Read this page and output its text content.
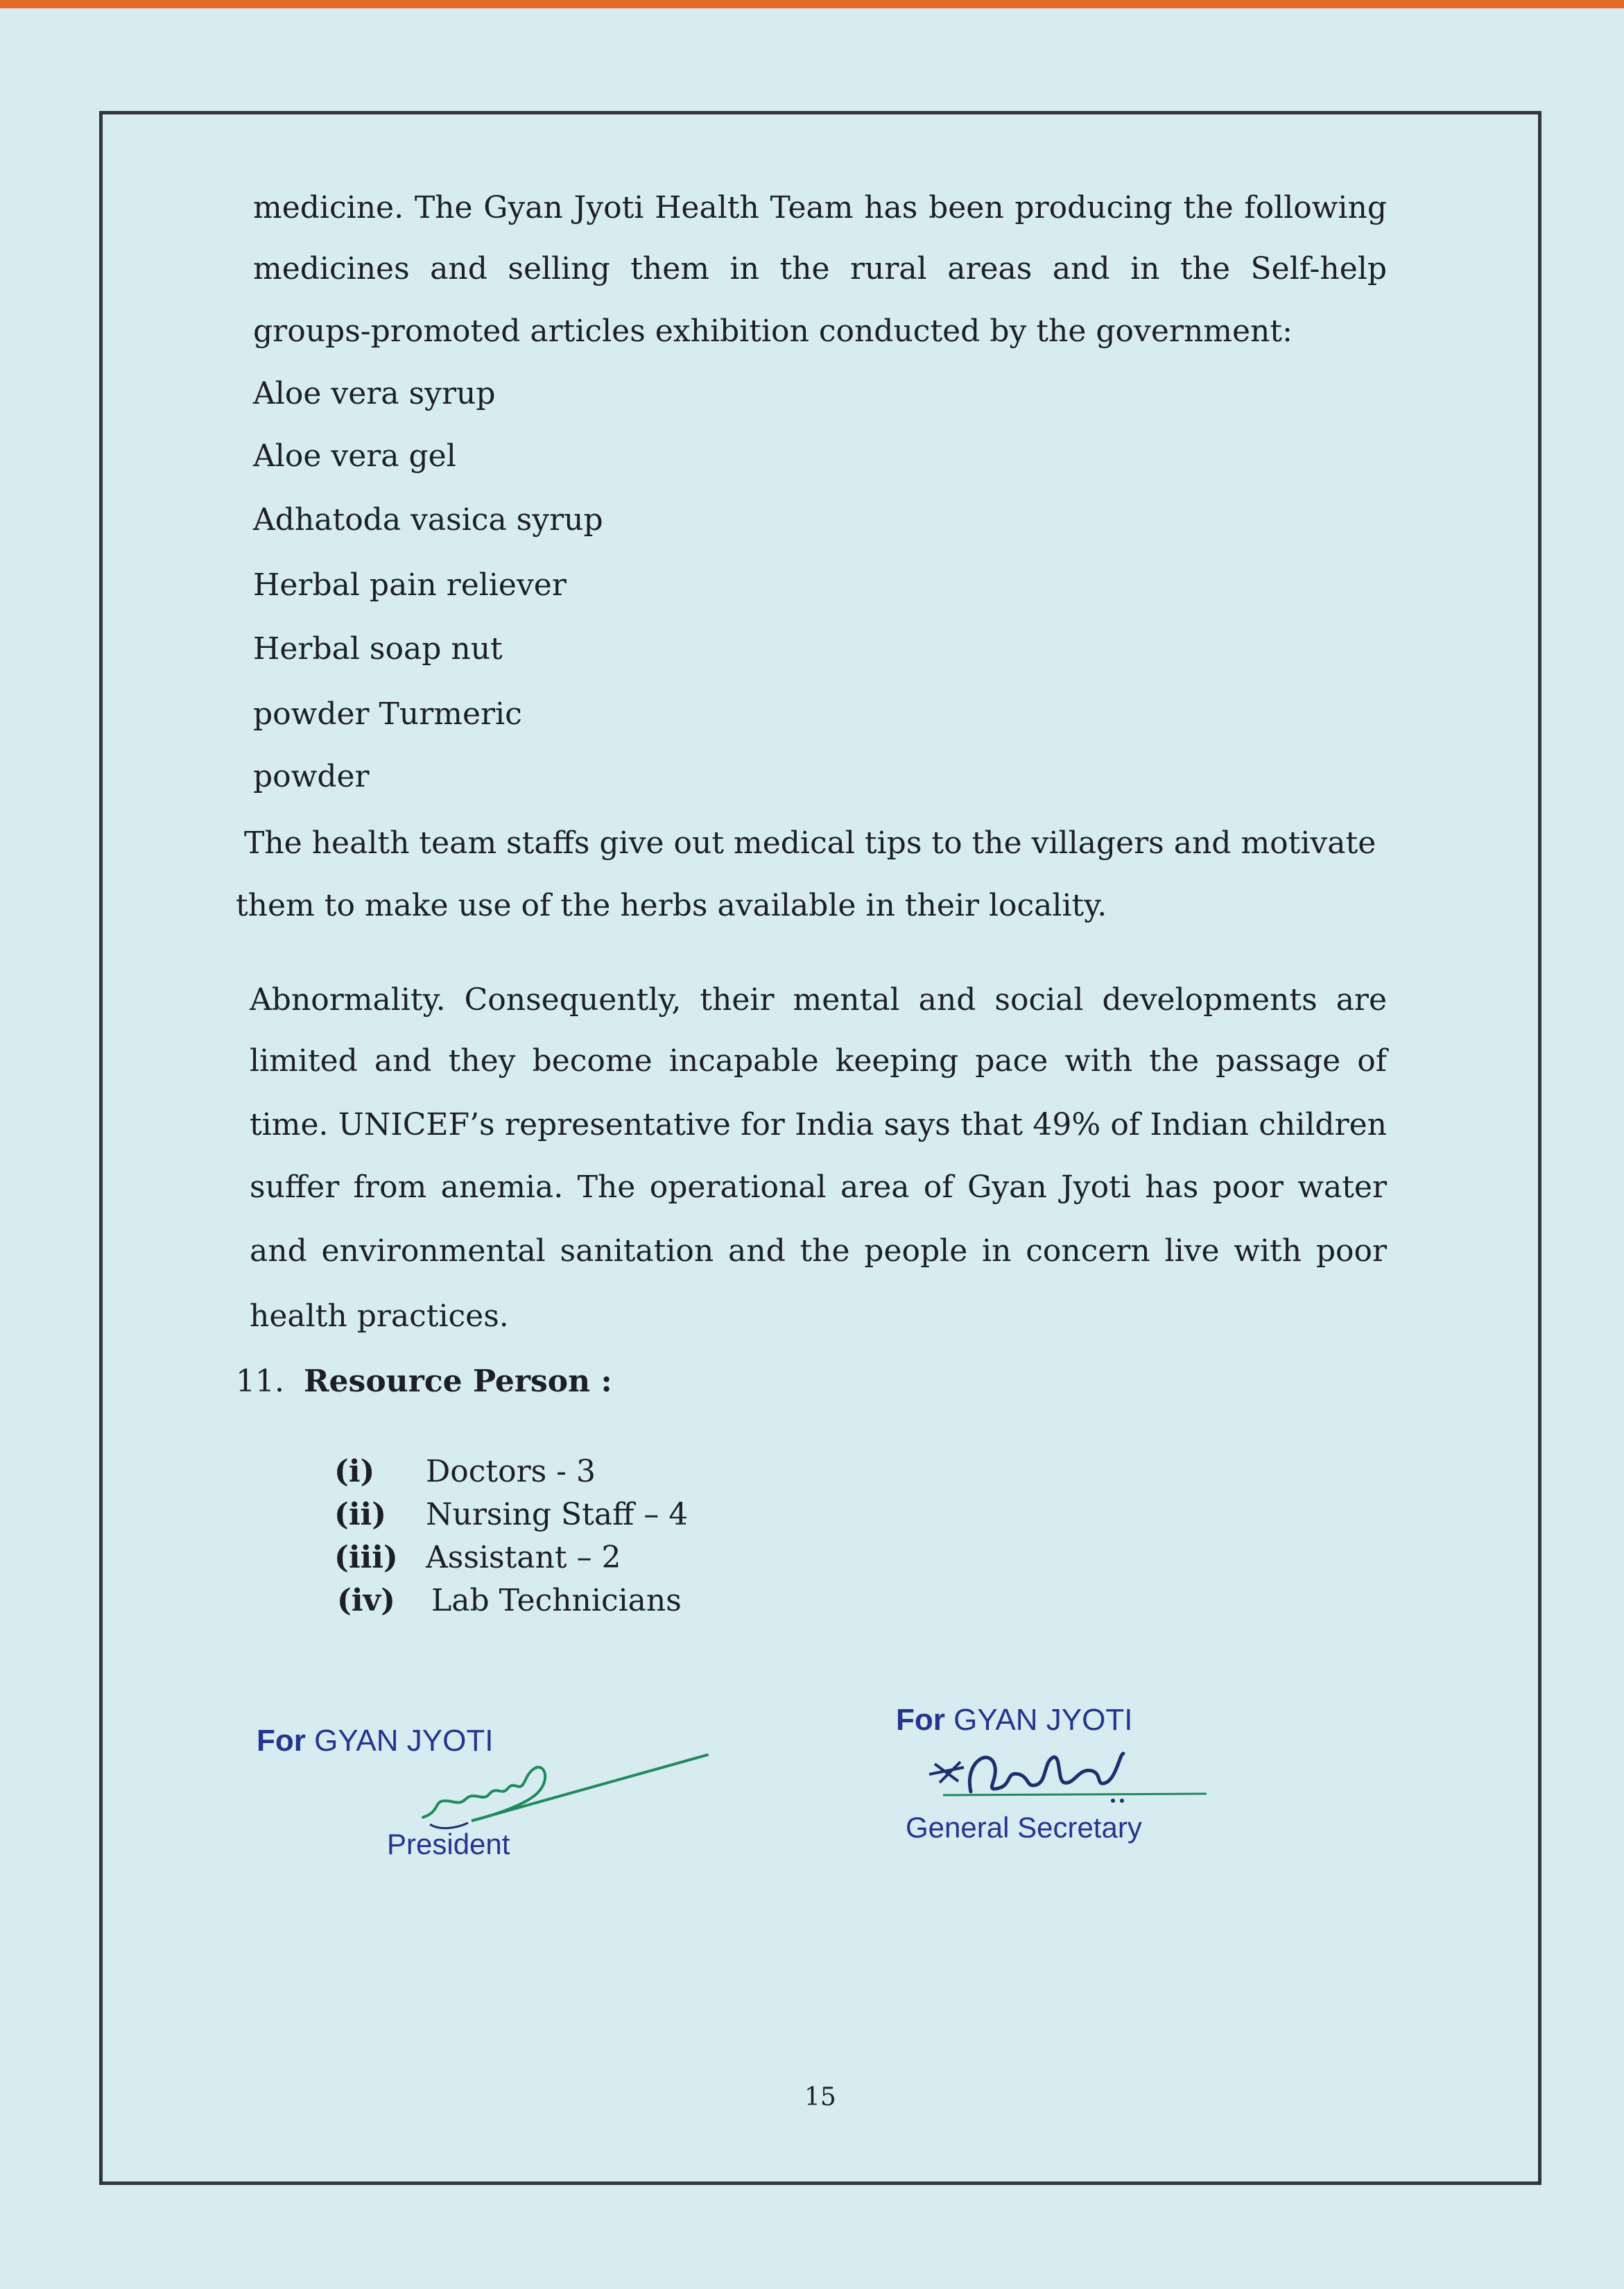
medicine. The Gyan Jyoti Health Team has been producing the following
medicines and selling them in the rural areas and in the Self-help
groups-promoted articles exhibition conducted by the government:
Aloe vera syrup
Aloe vera gel
Adhatoda vasica syrup
Herbal pain reliever
Herbal soap nut
powder Turmeric
powder
The health team staffs give out medical tips to the villagers and motivate
them to make use of the herbs available in their locality.
Abnormality. Consequently, their mental and social developments are
limited and they become incapable keeping pace with the passage of
time. UNICEF’s representative for India says that 49% of Indian children
suffer from anemia. The operational area of Gyan Jyoti has poor water
and environmental sanitation and the people in concern live with poor
health practices.
11. Resource Person :
(i) Doctors - 3
(ii) Nursing Staff – 4
(iii) Assistant – 2
(iv) Lab Technicians
For GYAN JYOTI
President
For GYAN JYOTI
General Secretary
15
